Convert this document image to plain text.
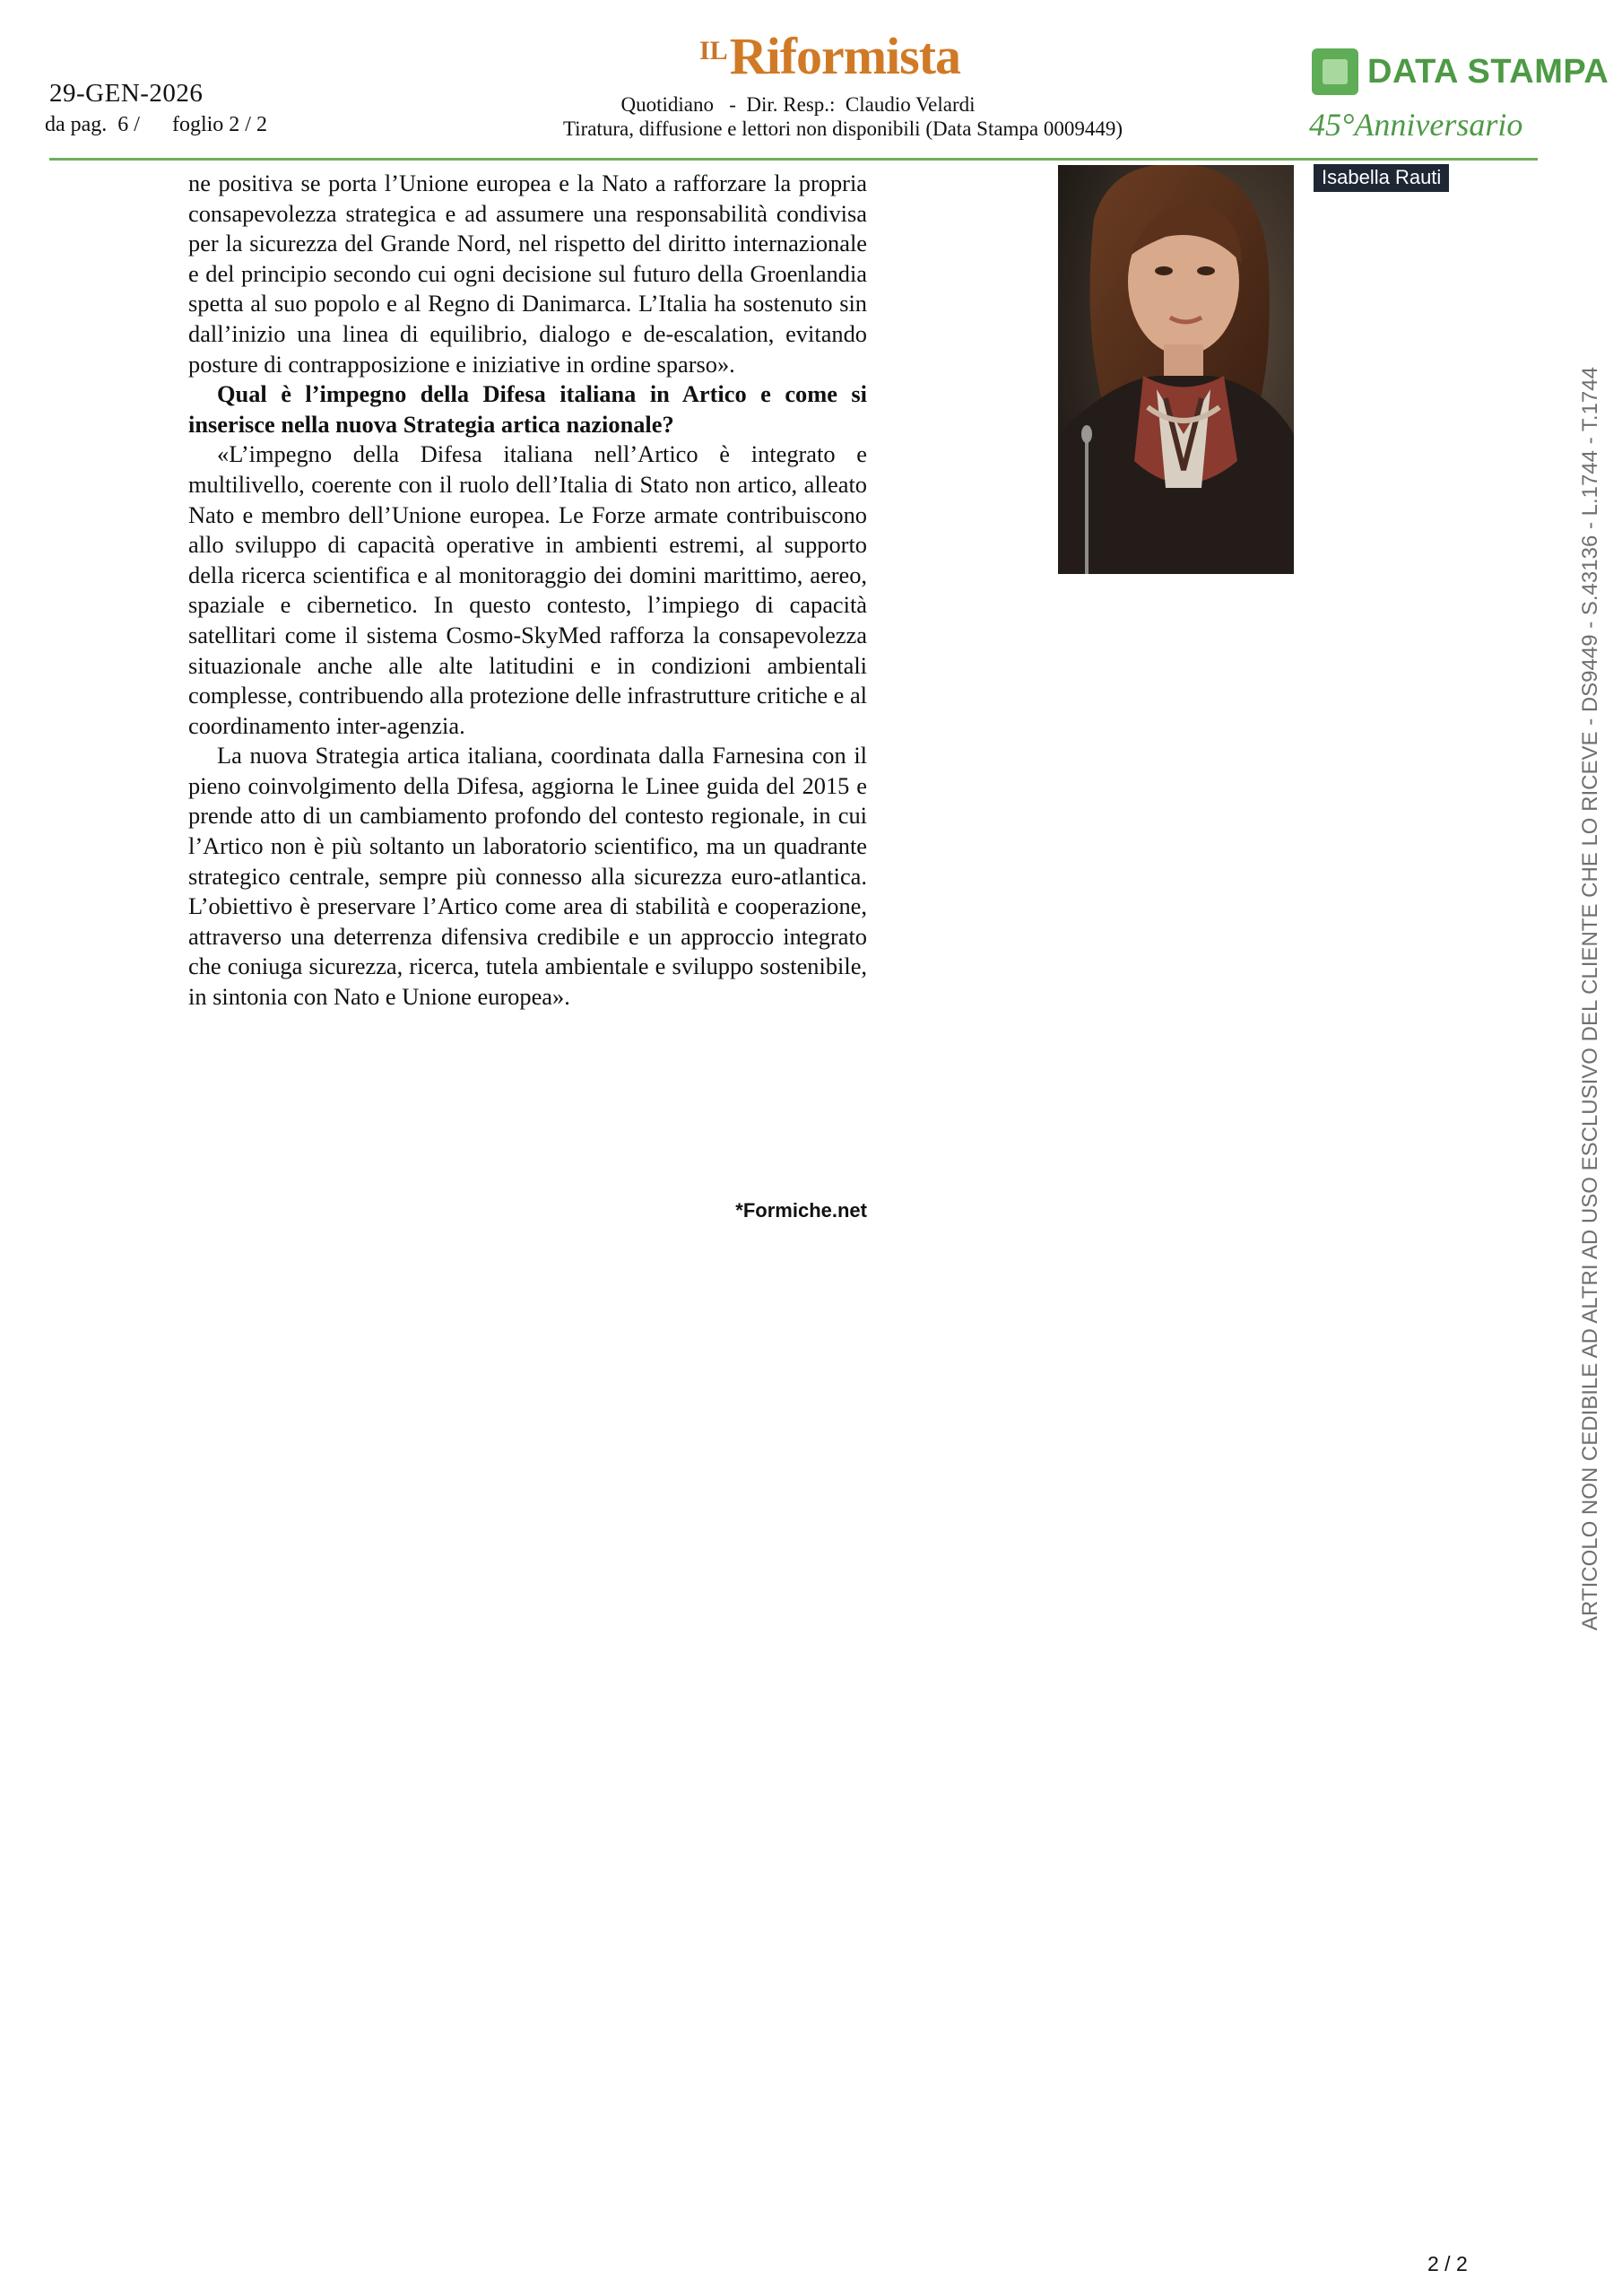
29-GEN-2026
da pag.  6 /      foglio 2 / 2
IL Riformista
Quotidiano   -  Dir. Resp.:  Claudio Velardi
Tiratura, diffusione e lettori non disponibili (Data Stampa 0009449)
DATA STAMPA
45°Anniversario

ne positiva se porta l’Unione europea e la Nato a rafforzare la propria consapevolezza strategica e ad assumere una responsabilità condivisa per la sicurezza del Grande Nord, nel rispetto del diritto internazionale e del principio secondo cui ogni decisione sul futuro della Groenlandia spetta al suo popolo e al Regno di Danimarca. L’Italia ha sostenuto sin dall’inizio una linea di equilibrio, dialogo e de-escalation, evitando posture di contrapposizione e iniziative in ordine sparso».

Qual è l’impegno della Difesa italiana in Artico e come si inserisce nella nuova Strategia artica nazionale?

«L’impegno della Difesa italiana nell’Artico è integrato e multilivello, coerente con il ruolo dell’Italia di Stato non artico, alleato Nato e membro dell’Unione europea. Le Forze armate contribuiscono allo sviluppo di capacità operative in ambienti estremi, al supporto della ricerca scientifica e al monitoraggio dei domini marittimo, aereo, spaziale e cibernetico. In questo contesto, l’impiego di capacità satellitari come il sistema Cosmo-SkyMed rafforza la consapevolezza situazionale anche alle alte latitudini e in condizioni ambientali complesse, contribuendo alla protezione delle infrastrutture critiche e al coordinamento inter-agenzia.

La nuova Strategia artica italiana, coordinata dalla Farnesina con il pieno coinvolgimento della Difesa, aggiorna le Linee guida del 2015 e prende atto di un cambiamento profondo del contesto regionale, in cui l’Artico non è più soltanto un laboratorio scientifico, ma un quadrante strategico centrale, sempre più connesso alla sicurezza euro-atlantica. L’obiettivo è preservare l’Artico come area di stabilità e cooperazione, attraverso una deterrenza difensiva credibile e un approccio integrato che coniuga sicurezza, ricerca, tutela ambientale e sviluppo sostenibile, in sintonia con Nato e Unione europea».

*Formiche.net
Isabella Rauti
ARTICOLO NON CEDIBILE AD ALTRI AD USO ESCLUSIVO DEL CLIENTE CHE LO RICEVE - DS9449 - S.43136 - L.1744 - T.1744
2 / 2
